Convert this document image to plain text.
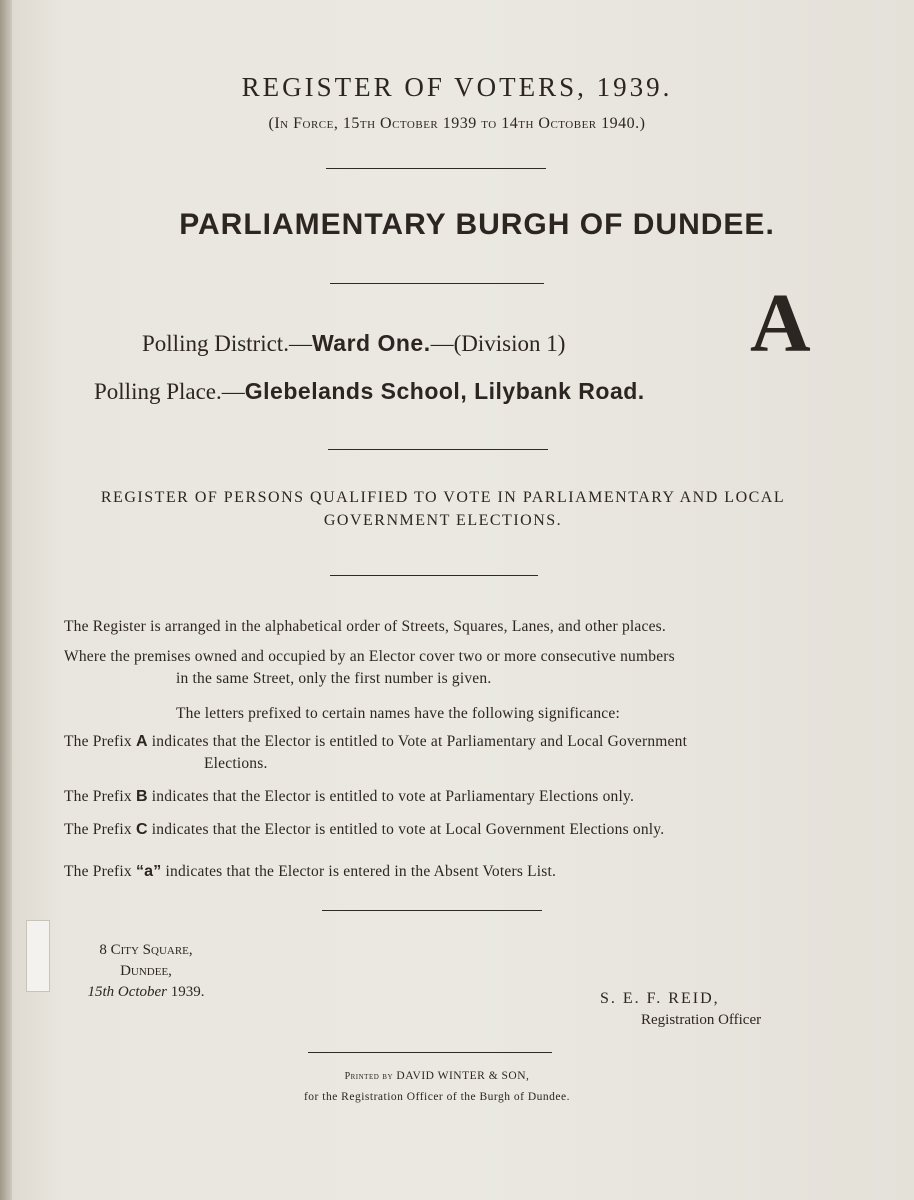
REGISTER OF VOTERS, 1939.
(In Force, 15th October 1939 to 14th October 1940.)
PARLIAMENTARY BURGH OF DUNDEE.
Polling District.—Ward One.—(Division 1) A
Polling Place.—Glebelands School, Lilybank Road.
REGISTER OF PERSONS QUALIFIED TO VOTE IN PARLIAMENTARY AND LOCAL
GOVERNMENT ELECTIONS.
The Register is arranged in the alphabetical order of Streets, Squares, Lanes, and other places.
Where the premises owned and occupied by an Elector cover two or more consecutive numbers
in the same Street, only the first number is given.
The letters prefixed to certain names have the following significance:
The Prefix A indicates that the Elector is entitled to Vote at Parliamentary and Local Government
Elections.
The Prefix B indicates that the Elector is entitled to vote at Parliamentary Elections only.
The Prefix C indicates that the Elector is entitled to vote at Local Government Elections only.
The Prefix “a” indicates that the Elector is entered in the Absent Voters List.
8 City Square,
Dundee,
15th October 1939.	S. E. F. REID,
Registration Officer
Printed by DAVID WINTER & SON,
for the Registration Officer of the Burgh of Dundee.
